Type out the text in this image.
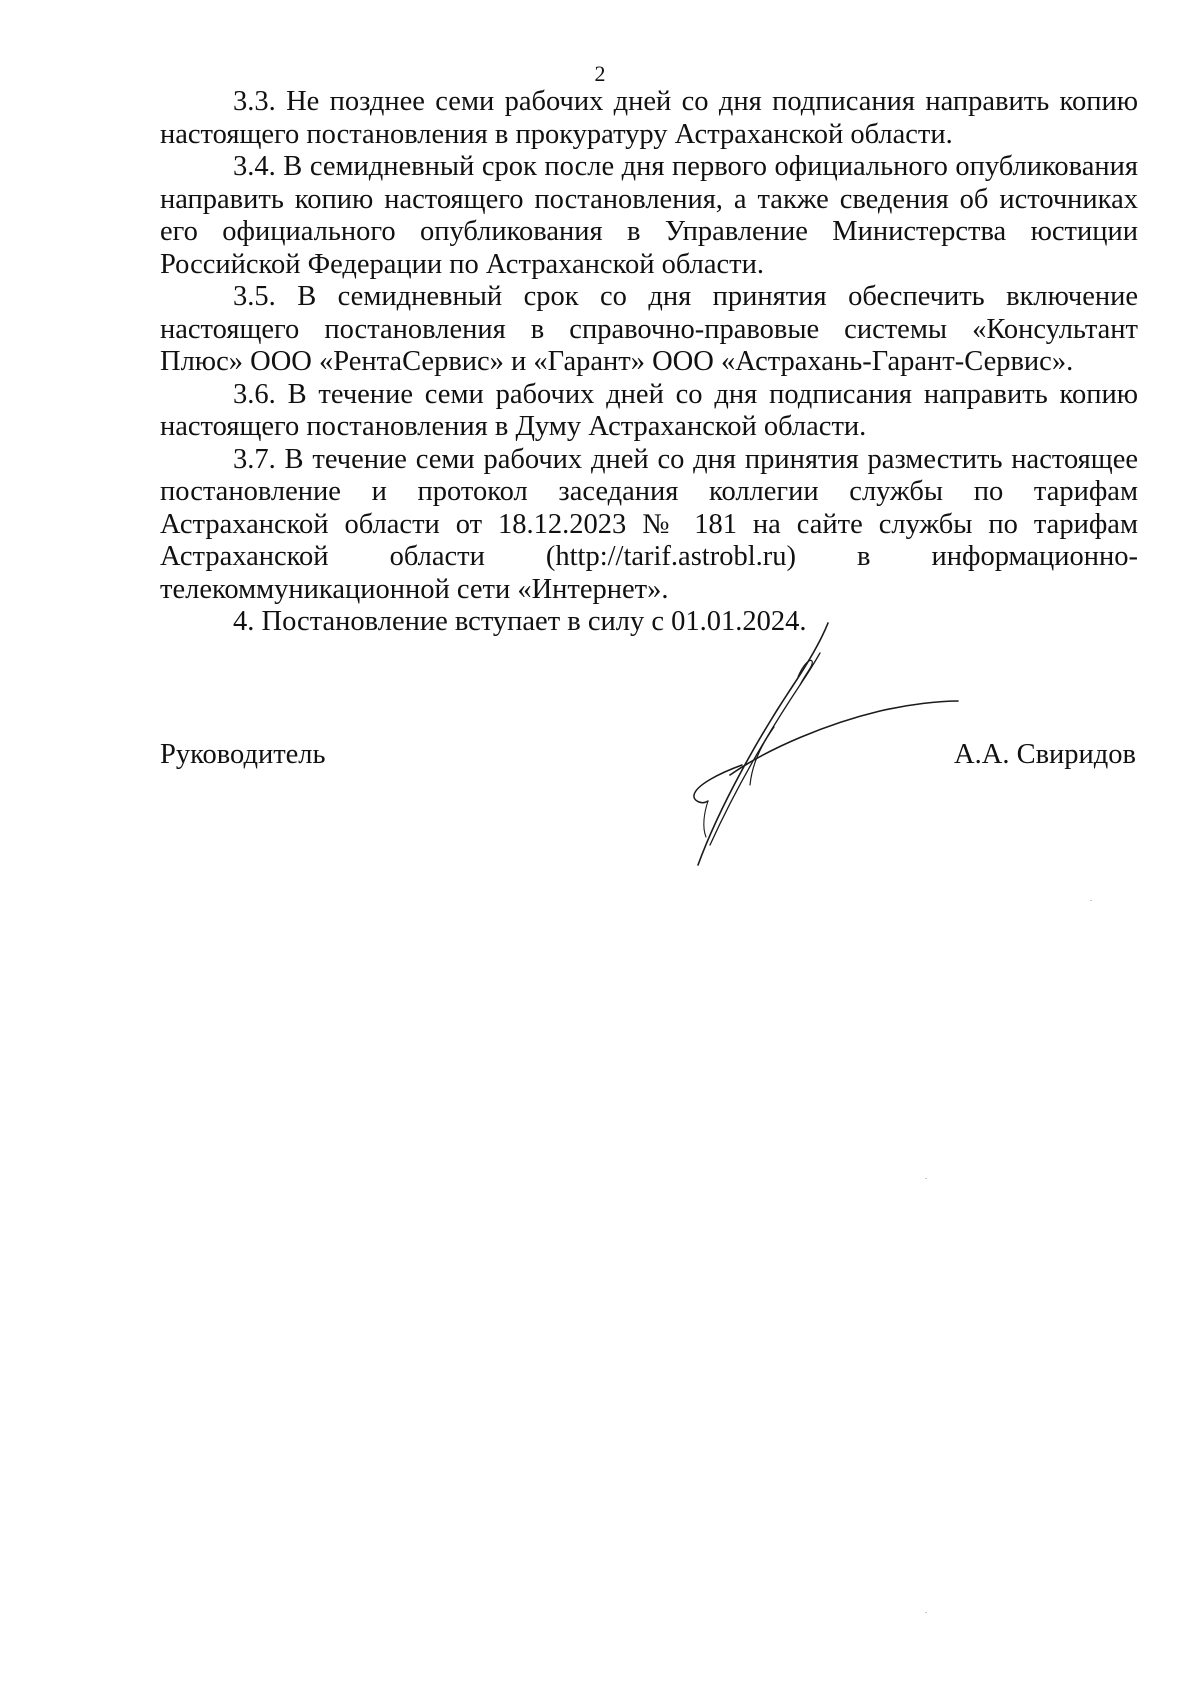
2

3.3. Не позднее семи рабочих дней со дня подписания направить копию настоящего постановления в прокуратуру Астраханской области.

3.4. В семидневный срок после дня первого официального опубликования направить копию настоящего постановления, а также сведения об источниках его официального опубликования в Управление Министерства юстиции Российской Федерации по Астраханской области.

3.5. В семидневный срок со дня принятия обеспечить включение настоящего постановления в справочно-правовые системы «Консультант Плюс» ООО «РентаСервис» и «Гарант» ООО «Астрахань-Гарант-Сервис».

3.6. В течение семи рабочих дней со дня подписания направить копию настоящего постановления в Думу Астраханской области.

3.7. В течение семи рабочих дней со дня принятия разместить настоящее постановление и протокол заседания коллегии службы по тарифам Астраханской области от 18.12.2023 № 181 на сайте службы по тарифам Астраханской области (http://tarif.astrobl.ru) в информационно-телекоммуникационной сети «Интернет».

4. Постановление вступает в силу с 01.01.2024.

Руководитель	А.А. Свиридов
